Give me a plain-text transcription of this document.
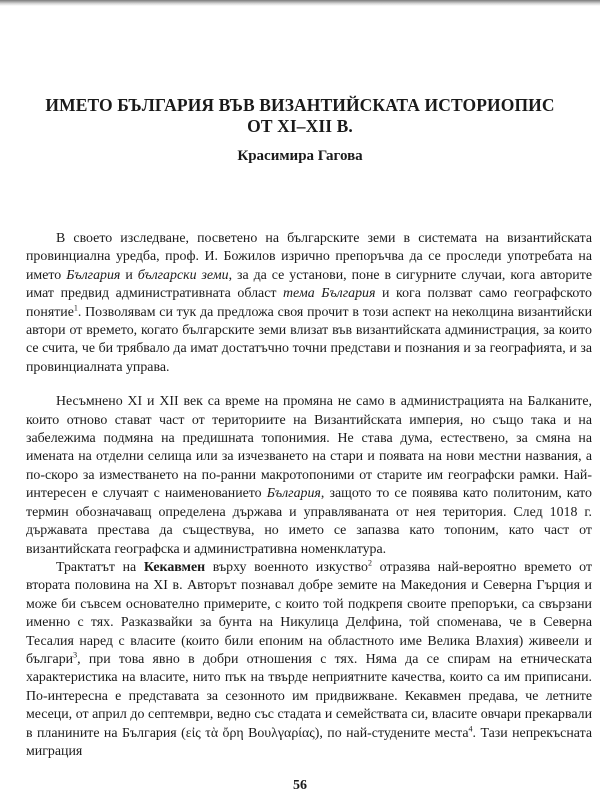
ИМЕТО БЪЛГАРИЯ ВЪВ ВИЗАНТИЙСКАТА ИСТОРИОПИС
ОТ XI–XII В.
Красимира Гагова

В своето изследване, посветено на българските земи в системата на византийската провинциална уредба, проф. И. Божилов изрично препоръчва да се проследи употребата на името България и български земи, за да се установи, поне в сигурните случаи, кога авторите имат предвид административната област тема България и кога ползват само географското понятие$^1$. Позволявам си тук да предложа своя прочит в този аспект на неколцина византийски автори от времето, когато българските земи влизат във византийската администрация, за които се счита, че би трябвало да имат достатъчно точни представи и познания и за географията, и за провинциалната управа.

Несъмнено XI и XII век са време на промяна не само в администрацията на Балканите, които отново стават част от териториите на Византийската империя, но също така и на забележима подмяна на предишната топонимия. Не става дума, естествено, за смяна на имената на отделни селища или за изчезването на стари и появата на нови местни названия, а по-скоро за изместването на по-ранни макротопоними от старите им географски рамки. Най-интересен е случаят с наименованието България, защото то се появява като политоним, като термин обозначаващ определена държава и управляваната от нея територия. След 1018 г. държавата престава да съществува, но името се запазва като топоним, като част от византийската географска и административна номенклатура.

Трактатът на Кекавмен върху военното изкуство$^2$ отразява най-вероятно времето от втората половина на XI в. Авторът познавал добре земите на Македония и Северна Гърция и може би съвсем основателно примерите, с които той подкрепя своите препоръки, са свързани именно с тях. Разказвайки за бунта на Никулица Делфина, той споменава, че в Северна Тесалия наред с власите (които били епоним на областното име Велика Влахия) живеели и българи$^3$, при това явно в добри отношения с тях. Няма да се спирам на етническата характеристика на власите, нито пък на твърде неприятните качества, които са им приписани. По-интересна е представата за сезонното им придвижване. Кекавмен предава, че летните месеци, от април до септември, ведно със стадата и семействата си, власите овчари прекарвали в планините на България (εἰς τὰ ὄρη Βουλγαρίας), по най-студените места$^4$. Тази непрекъсната миграция

56
